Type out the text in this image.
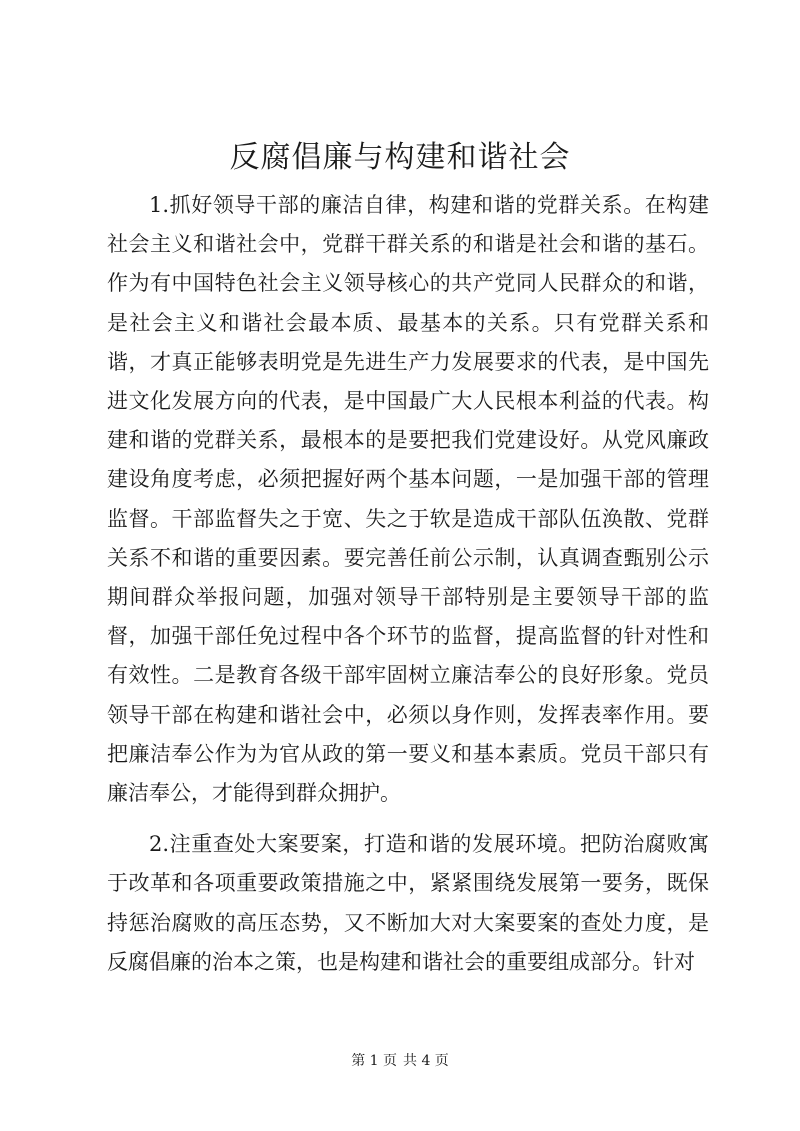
反腐倡廉与构建和谐社会

1.抓好领导干部的廉洁自律，构建和谐的党群关系。在构建社会主义和谐社会中，党群干群关系的和谐是社会和谐的基石。作为有中国特色社会主义领导核心的共产党同人民群众的和谐，是社会主义和谐社会最本质、最基本的关系。只有党群关系和谐，才真正能够表明党是先进生产力发展要求的代表，是中国先进文化发展方向的代表，是中国最广大人民根本利益的代表。构建和谐的党群关系，最根本的是要把我们党建设好。从党风廉政建设角度考虑，必须把握好两个基本问题，一是加强干部的管理监督。干部监督失之于宽、失之于软是造成干部队伍涣散、党群关系不和谐的重要因素。要完善任前公示制，认真调查甄别公示期间群众举报问题，加强对领导干部特别是主要领导干部的监督，加强干部任免过程中各个环节的监督，提高监督的针对性和有效性。二是教育各级干部牢固树立廉洁奉公的良好形象。党员领导干部在构建和谐社会中，必须以身作则，发挥表率作用。要把廉洁奉公作为为官从政的第一要义和基本素质。党员干部只有廉洁奉公，才能得到群众拥护。

2.注重查处大案要案，打造和谐的发展环境。把防治腐败寓于改革和各项重要政策措施之中，紧紧围绕发展第一要务，既保持惩治腐败的高压态势，又不断加大对大案要案的查处力度，是反腐倡廉的治本之策，也是构建和谐社会的重要组成部分。针对

第 1 页 共 4 页
